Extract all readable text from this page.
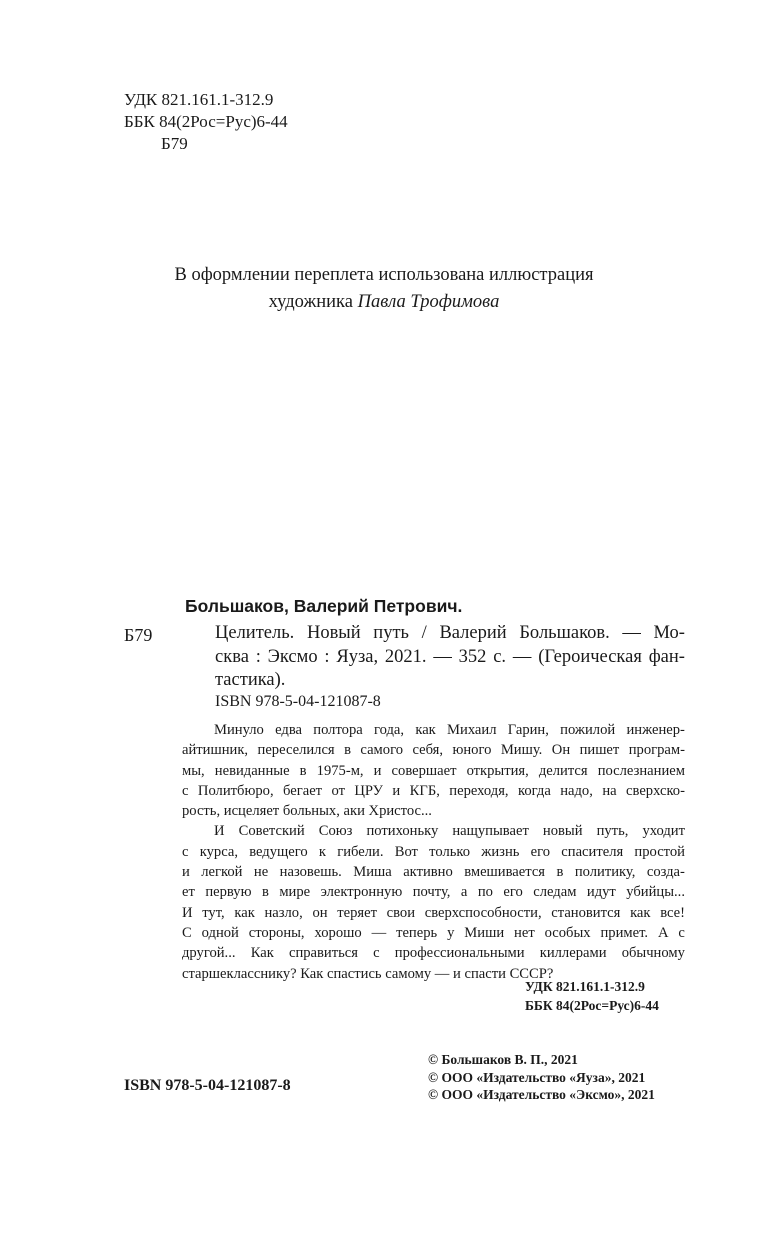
УДК 821.161.1-312.9
ББК 84(2Рос=Рус)6-44
Б79
В оформлении переплета использована иллюстрация
художника Павла Трофимова
Большаков, Валерий Петрович.
Б79	Целитель. Новый путь / Валерий Большаков. — Мо-
сква : Эксмо : Яуза, 2021. — 352 с. — (Героическая фан-
тастика).
ISBN 978-5-04-121087-8
Минуло едва полтора года, как Михаил Гарин, пожилой инженер-
айтишник, переселился в самого себя, юного Мишу. Он пишет програм-
мы, невиданные в 1975-м, и совершает открытия, делится послезнанием
с Политбюро, бегает от ЦРУ и КГБ, переходя, когда надо, на сверхско-
рость, исцеляет больных, аки Христос...
И Советский Союз потихоньку нащупывает новый путь, уходит
с курса, ведущего к гибели. Вот только жизнь его спасителя простой
и легкой не назовешь. Миша активно вмешивается в политику, созда-
ет первую в мире электронную почту, а по его следам идут убийцы...
И тут, как назло, он теряет свои сверхспособности, становится как все!
С одной стороны, хорошо — теперь у Миши нет особых примет. А с
другой... Как справиться с профессиональными киллерами обычному
старшекласснику? Как спастись самому — и спасти СССР?
УДК 821.161.1-312.9
ББК 84(2Рос=Рус)6-44
© Большаков В. П., 2021
© ООО «Издательство «Яуза», 2021
© ООО «Издательство «Эксмо», 2021
ISBN 978-5-04-121087-8
